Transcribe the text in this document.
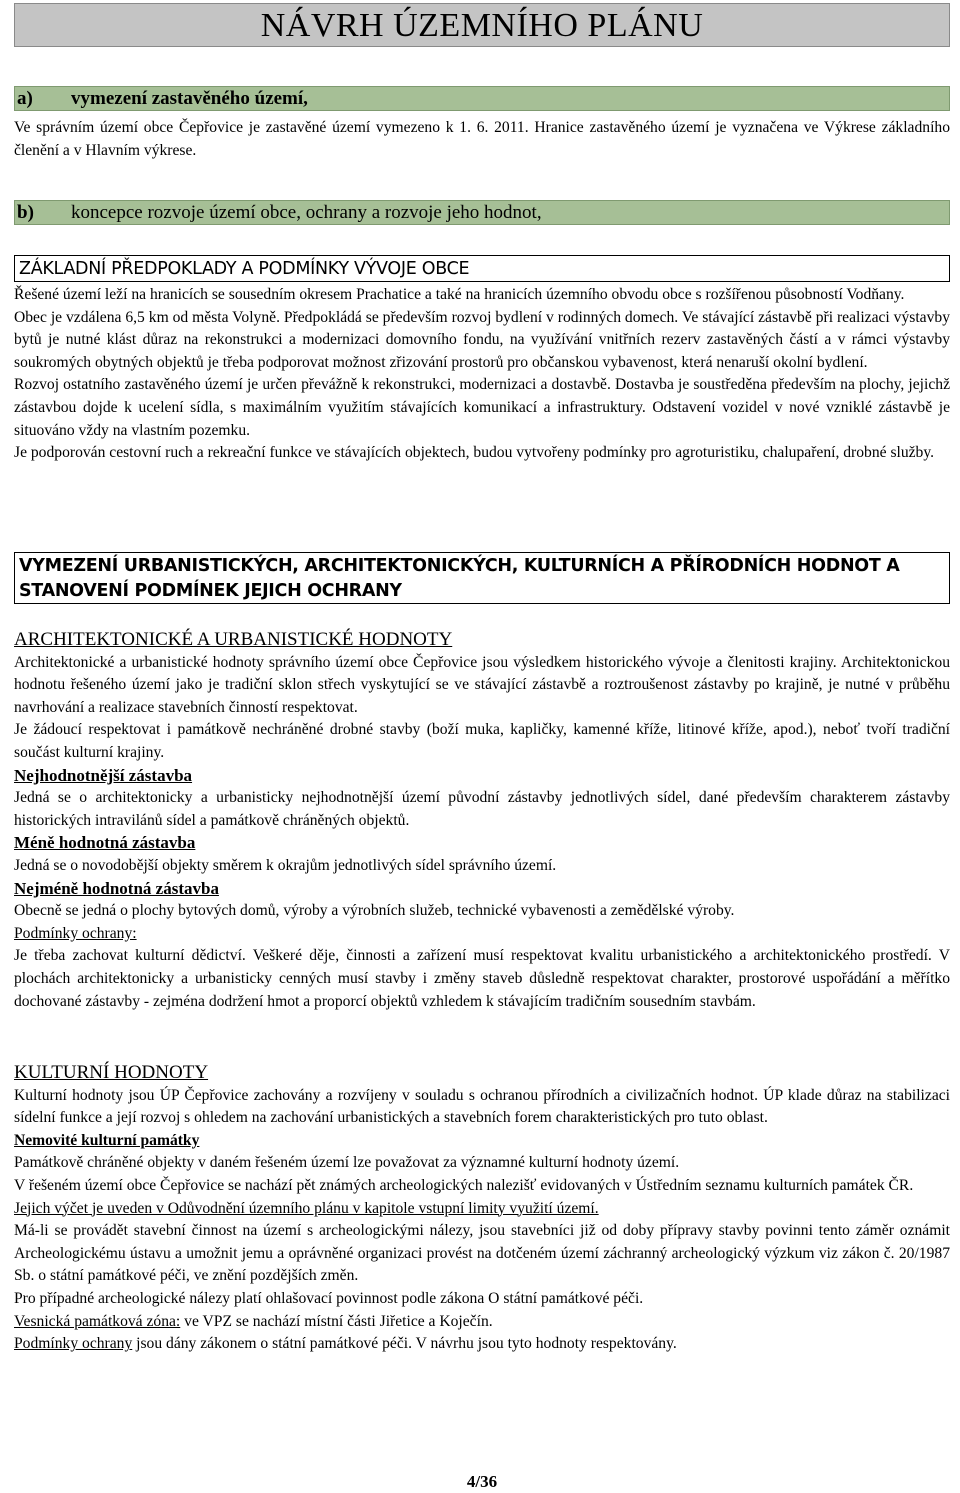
NÁVRH ÚZEMNÍHO PLÁNU
a) vymezení zastavěného území,

Ve správním území obce Čepřovice je zastavěné území vymezeno k 1. 6. 2011. Hranice zastavěného území je vyznačena ve Výkrese základního členění a v Hlavním výkrese.

b) koncepce rozvoje území obce, ochrany a rozvoje jeho hodnot,
ZÁKLADNÍ PŘEDPOKLADY A PODMÍNKY VÝVOJE OBCE

Řešené území leží na hranicích se sousedním okresem Prachatice a také na hranicích územního obvodu obce s rozšířenou působností Vodňany.

Obec je vzdálena 6,5 km od města Volyně. Předpokládá se především rozvoj bydlení v rodinných domech. Ve stávající zástavbě při realizaci výstavby bytů je nutné klást důraz na rekonstrukci a modernizaci domovního fondu, na využívání vnitřních rezerv zastavěných částí a v rámci výstavby soukromých obytných objektů je třeba podporovat možnost zřizování prostorů pro občanskou vybavenost, která nenaruší okolní bydlení.

Rozvoj ostatního zastavěného území je určen převážně k rekonstrukci, modernizaci a dostavbě. Dostavba je soustředěna především na plochy, jejichž zástavbou dojde k ucelení sídla, s maximálním využitím stávajících komunikací a infrastruktury. Odstavení vozidel v nové vzniklé zástavbě je situováno vždy na vlastním pozemku.

Je podporován cestovní ruch a rekreační funkce ve stávajících objektech, budou vytvořeny podmínky pro agroturistiku, chalupaření, drobné služby.

VYMEZENÍ URBANISTICKÝCH, ARCHITEKTONICKÝCH, KULTURNÍCH A PŘÍRODNÍCH HODNOT A STANOVENÍ PODMÍNEK JEJICH OCHRANY

ARCHITEKTONICKÉ A URBANISTICKÉ HODNOTY

Architektonické a urbanistické hodnoty správního území obce Čepřovice jsou výsledkem historického vývoje a členitosti krajiny. Architektonickou hodnotu řešeného území jako je tradiční sklon střech vyskytující se ve stávající zástavbě a roztroušenost zástavby po krajině, je nutné v průběhu navrhování a realizace stavebních činností respektovat.

Je žádoucí respektovat i památkově nechráněné drobné stavby (boží muka, kapličky, kamenné kříže, litinové kříže, apod.), neboť tvoří tradiční součást kulturní krajiny.

Nejhodnotnější zástavba

Jedná se o architektonicky a urbanisticky nejhodnotnější území původní zástavby jednotlivých sídel, dané především charakterem zástavby historických intravilánů sídel a památkově chráněných objektů.

Méně hodnotná zástavba

Jedná se o novodobější objekty směrem k okrajům jednotlivých sídel správního území.

Nejméně hodnotná zástavba

Obecně se jedná o plochy bytových domů, výroby a výrobních služeb, technické vybavenosti a zemědělské výroby.

Podmínky ochrany:

Je třeba zachovat kulturní dědictví. Veškeré děje, činnosti a zařízení musí respektovat kvalitu urbanistického a architektonického prostředí. V plochách architektonicky a urbanisticky cenných musí stavby i změny staveb důsledně respektovat charakter, prostorové uspořádání a měřítko dochované zástavby - zejména dodržení hmot a proporcí objektů vzhledem k stávajícím tradičním sousedním stavbám.

KULTURNÍ HODNOTY

Kulturní hodnoty jsou ÚP Čepřovice zachovány a rozvíjeny v souladu s ochranou přírodních a civilizačních hodnot. ÚP klade důraz na stabilizaci sídelní funkce a její rozvoj s ohledem na zachování urbanistických a stavebních forem charakteristických pro tuto oblast.

Nemovité kulturní památky

Památkově chráněné objekty v daném řešeném území lze považovat za významné kulturní hodnoty území.

V řešeném území obce Čepřovice se nachází pět známých archeologických nalezišť evidovaných v Ústředním seznamu kulturních památek ČR.

Jejich výčet je uveden v Odůvodnění územního plánu v kapitole vstupní limity využití území.

Má-li se provádět stavební činnost na území s archeologickými nálezy, jsou stavebníci již od doby přípravy stavby povinni tento záměr oznámit Archeologickému ústavu a umožnit jemu a oprávněné organizaci provést na dotčeném území záchranný archeologický výzkum viz zákon č. 20/1987 Sb. o státní památkové péči, ve znění pozdějších změn.

Pro případné archeologické nálezy platí ohlašovací povinnost podle zákona O státní památkové péči.

Vesnická památková zóna: ve VPZ se nachází místní části Jiřetice a Koječín.

Podmínky ochrany jsou dány zákonem o státní památkové péči. V návrhu jsou tyto hodnoty respektovány.

4/36
